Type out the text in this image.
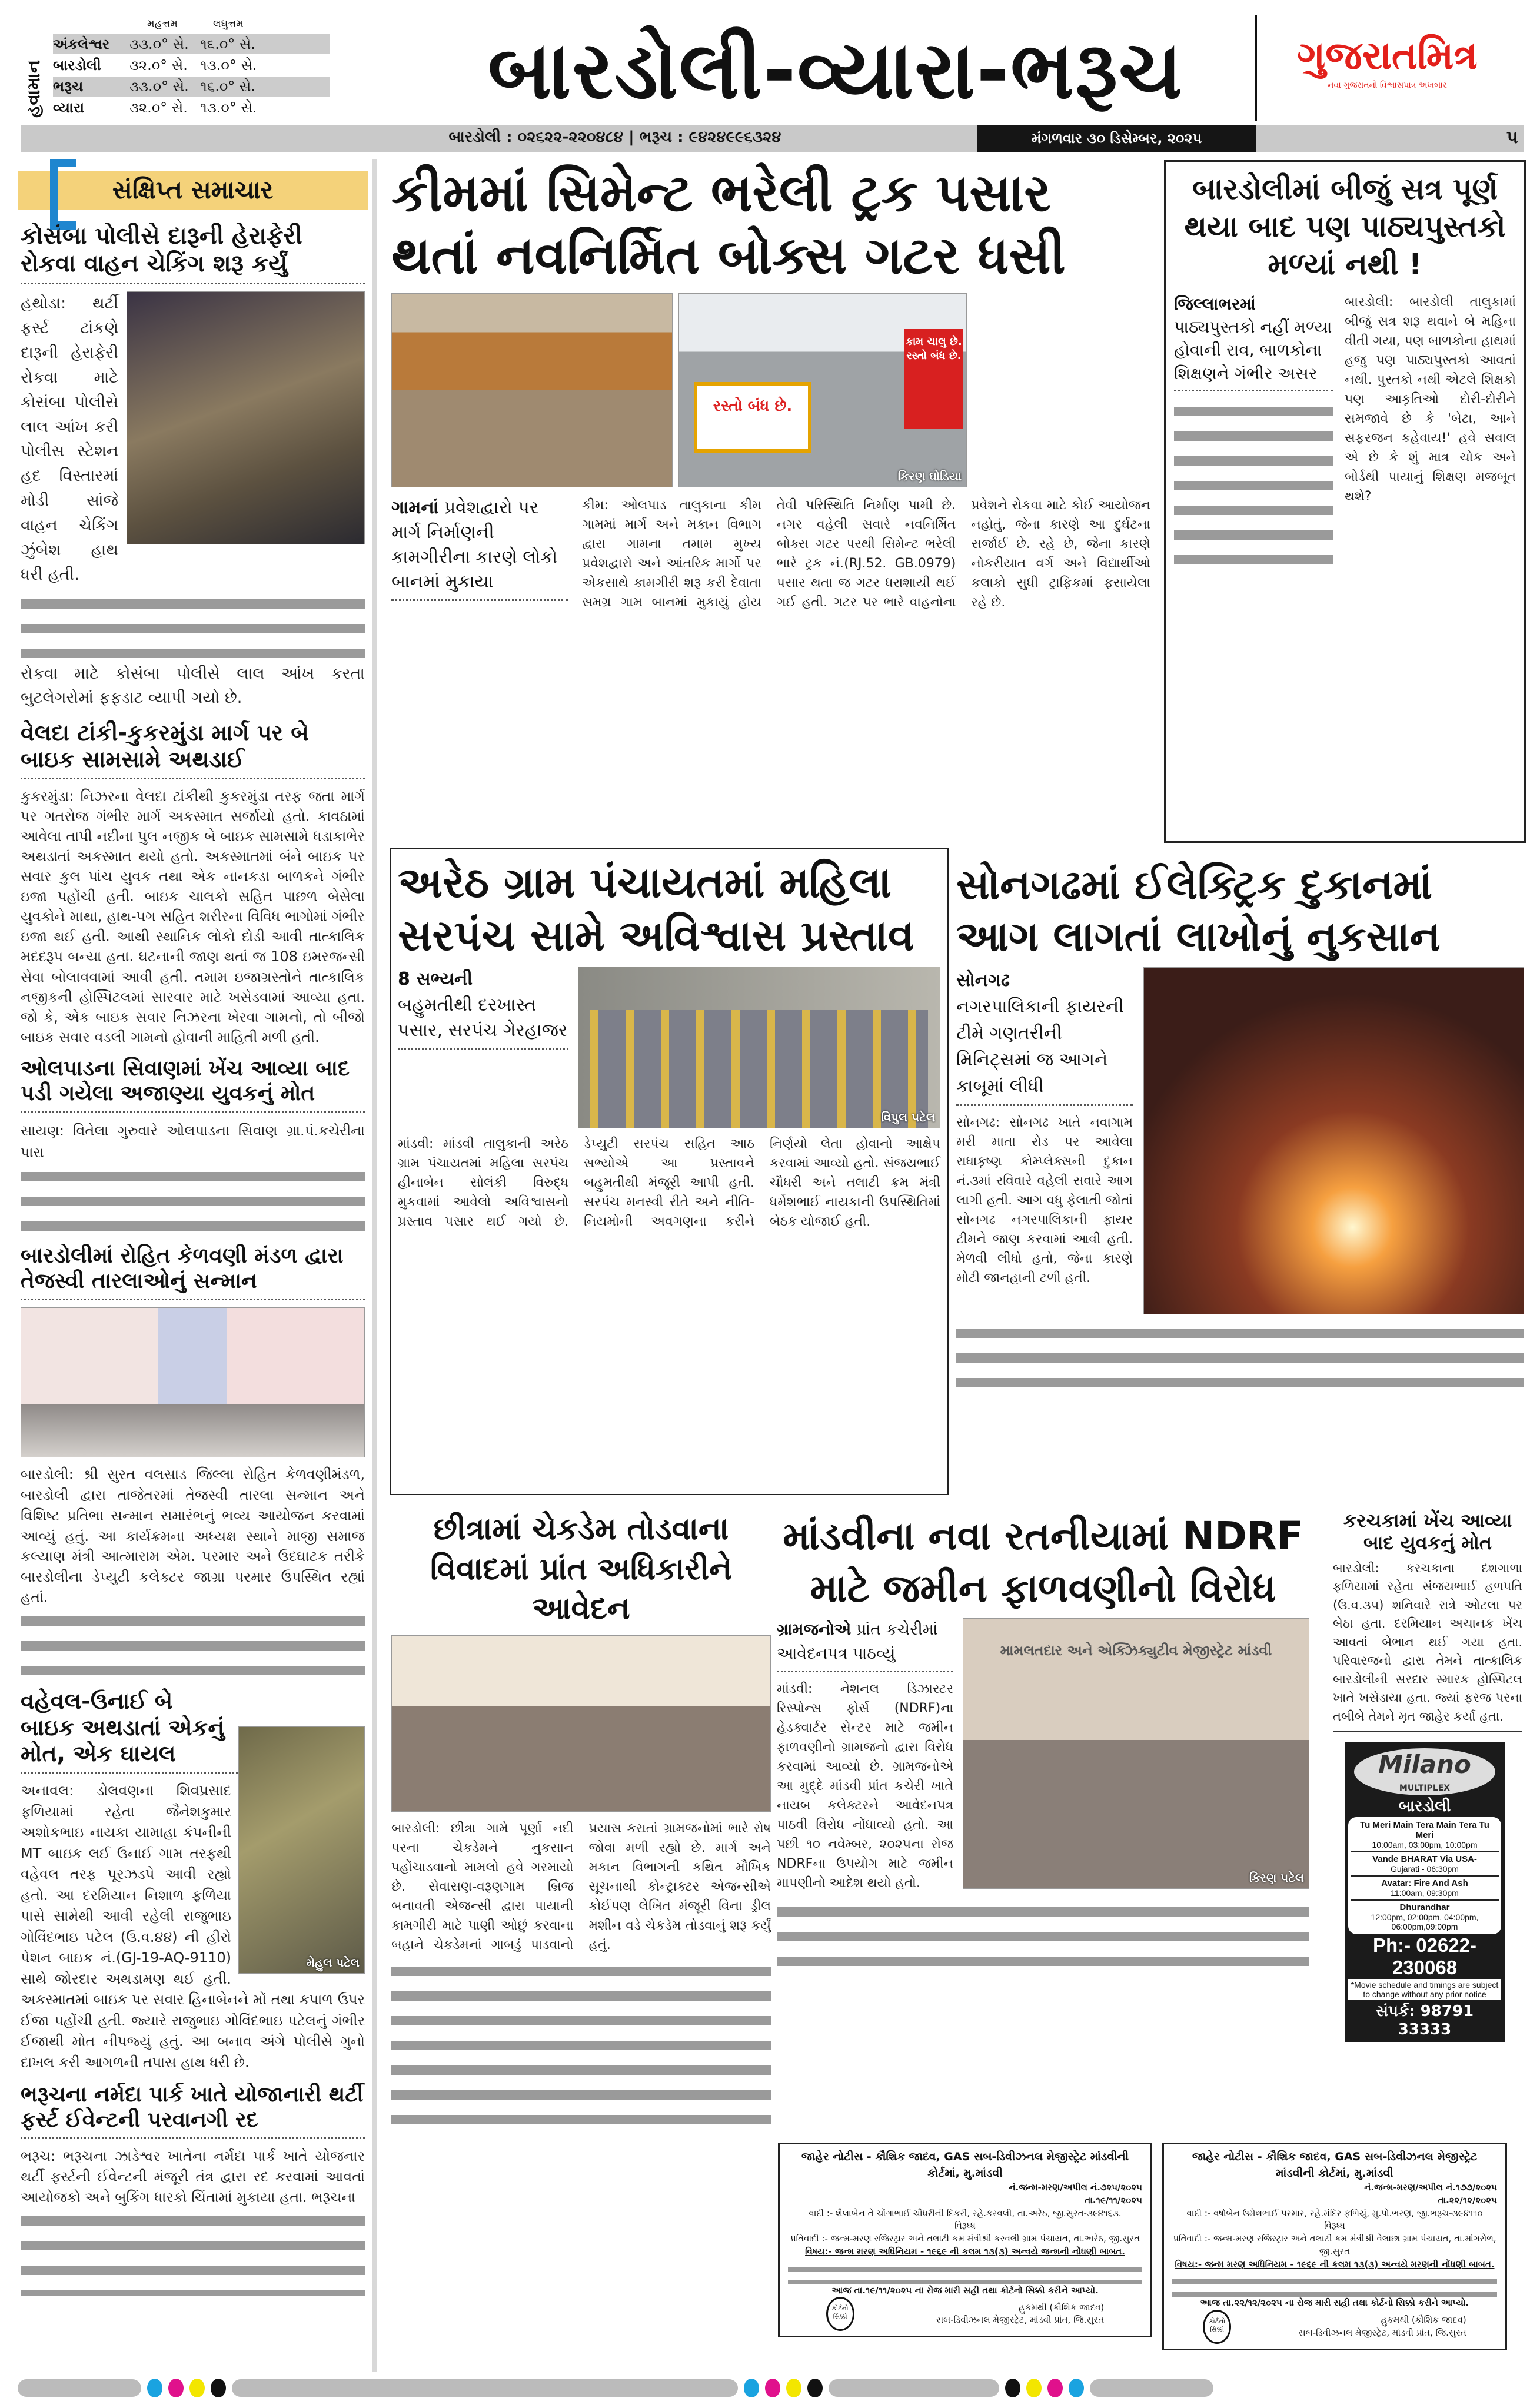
હવામાન
મહત્તમ	લઘુત્તમ
અંકલેશ્વર	૩૩.૦° સે. ૧૬.૦° સે.
બારડોલી	૩૨.૦° સે. ૧૩.૦° સે.
ભરૂચ	૩૩.૦° સે. ૧૬.૦° સે.
વ્યારા	૩૨.૦° સે. ૧૩.૦° સે.	બારડોલી-વ્યારા-ભરૂચ	ગુજરાતમિત્ર
નવા ગુજરાતનો વિશ્વાસપાત્ર અખબાર
બારડોલી : ૦૨૬૨૨-૨૨૦૪૮૪ | ભરૂચ : ૯૪૨૪૯૯૬૩૨૪	મંગળવાર ૩૦ ડિસેમ્બર, ૨૦૨૫	૫
સંક્ષિપ્ત સમાચાર
કોસંબા પોલીસે દારૂની હેરાફેરી રોકવા વાહન ચેકિંગ શરૂ કર્યું
હથોડા: થર્ટી ફર્સ્ટ ટાંકણે દારૂની હેરાફેરી રોકવા માટે કોસંબા પોલીસે લાલ આંખ કરી પોલીસ સ્ટેશન હદ વિસ્તારમાં મોડી સાંજે વાહન ચેકિંગ ઝુંબેશ હાથ ધરી હતી.
રોકવા માટે કોસંબા પોલીસે લાલ આંખ કરતા બુટલેગરોમાં ફફડાટ વ્યાપી ગયો છે.
વેલદા ટાંકી-કુકરમુંડા માર્ગ પર બે બાઇક સામસામે અથડાઈ
કુકરમુંડા: નિઝરના વેલદા ટાંકીથી કુકરમુંડા તરફ જતા માર્ગ પર ગતરોજ ગંભીર માર્ગ અકસ્માત સર્જાયો હતો. કાવઠામાં આવેલા તાપી નદીના પુલ નજીક બે બાઇક સામસામે ધડાકાભેર અથડાતાં અકસ્માત થયો હતો. અકસ્માતમાં બંને બાઇક પર સવાર કુલ પાંચ યુવક તથા એક નાનકડા બાળકને ગંભીર ઇજા પહોંચી હતી. બાઇક ચાલકો સહિત પાછળ બેસેલા યુવકોને માથા, હાથ-પગ સહિત શરીરના વિવિધ ભાગોમાં ગંભીર ઇજા થઈ હતી. આથી સ્થાનિક લોકો દોડી આવી તાત્કાલિક મદદરૂપ બન્યા હતા. ઘટનાની જાણ થતાં જ 108 ઇમરજન્સી સેવા બોલાવવામાં આવી હતી. તમામ ઇજાગ્રસ્તોને તાત્કાલિક નજીકની હોસ્પિટલમાં સારવાર માટે ખસેડવામાં આવ્યા હતા. જો કે, એક બાઇક સવાર નિઝરના ખેરવા ગામનો, તો બીજો બાઇક સવાર વડલી ગામનો હોવાની માહિતી મળી હતી.
ઓલપાડના સિવાણમાં ખેંચ આવ્યા બાદ પડી ગયેલા અજાણ્યા યુવકનું મોત
સાયણ: વિતેલા ગુરુવારે ઓલપાડના સિવાણ ગ્રા.પં.કચેરીના પારા
બારડોલીમાં રોહિત કેળવણી મંડળ દ્વારા તેજસ્વી તારલાઓનું સન્માન
બારડોલી: શ્રી સુરત વલસાડ જિલ્લા રોહિત કેળવણીમંડળ, બારડોલી દ્વારા તાજેતરમાં તેજસ્વી તારલા સન્માન અને વિશિષ્ટ પ્રતિભા સન્માન સમારંભનું ભવ્ય આયોજન કરવામાં આવ્યું હતું. આ કાર્યક્રમના અધ્યક્ષ સ્થાને માજી સમાજ કલ્યાણ મંત્રી આત્મારામ એમ. પરમાર અને ઉદઘાટક તરીકે બારડોલીના ડેપ્યુટી કલેક્ટર જાગ્રા પરમાર ઉપસ્થિત રહ્યાં હતાં.
મેહુલ પટેલ
વહેવલ-ઉનાઈ બે બાઇક અથડાતાં એકનું મોત, એક ઘાયલ
અનાવલ: ડોલવણના શિવપ્રસાદ ફળિયામાં રહેતા જૈનેશકુમાર અશોકભાઇ નાયકા યામાહા કંપનીની MT બાઇક લઈ ઉનાઈ ગામ તરફથી વહેવલ તરફ પૂરઝડપે આવી રહ્યો હતો. આ દરમિયાન નિશાળ ફળિયા પાસે સામેથી આવી રહેલી રાજુભાઇ ગોવિંદભાઇ પટેલ (ઉ.વ.૪૪) ની હીરો પેશન બાઇક નં.(GJ-19-AQ-9110) સાથે જોરદાર અથડામણ થઈ હતી. અકસ્માતમાં બાઇક પર સવાર હિનાબેનને મોં તથા કપાળ ઉપર ઈજા પહોંચી હતી. જ્યારે રાજુભાઇ ગોવિંદભાઇ પટેલનું ગંભીર ઈજાથી મોત નીપજ્યું હતું. આ બનાવ અંગે પોલીસે ગુનો દાખલ કરી આગળની તપાસ હાથ ધરી છે.
ભરૂચના નર્મદા પાર્ક ખાતે યોજાનારી થર્ટી ફર્સ્ટ ઈવેન્ટની પરવાનગી રદ
ભરૂચ: ભરૂચના ઝાડેશ્વર ખાતેના નર્મદા પાર્ક ખાતે યોજનાર થર્ટી ફર્સ્ટની ઈવેન્ટની મંજૂરી તંત્ર દ્વારા રદ કરવામાં આવતાં આયોજકો અને બુકિંગ ધારકો ચિંતામાં મુકાયા હતા. ભરૂચના
કીમમાં સિમેન્ટ ભરેલી ટ્રક પસાર થતાં નવનિર્મિત બોક્સ ગટર ધસી
રસ્તો બંધ છે.
કામ ચાલુ છે. રસ્તો બંધ છે.
કિરણ ઘોડિયા
ગામનાં પ્રવેશદ્વારો પર માર્ગ નિર્માણની કામગીરીના કારણે લોકો બાનમાં મુકાયા
કીમ: ઓલપાડ તાલુકાના કીમ ગામમાં માર્ગ અને મકાન વિભાગ દ્વારા ગામના તમામ મુખ્ય પ્રવેશદ્વારો અને આંતરિક માર્ગો પર એકસાથે કામગીરી શરૂ કરી દેવાતા સમગ્ર ગામ બાનમાં મુકાયું હોય તેવી પરિસ્થિતિ નિર્માણ પામી છે. નગર વહેલી સવારે નવનિર્મિત બોક્સ ગટર પરથી સિમેન્ટ ભરેલી ભારે ટ્રક નં.(RJ.52. GB.0979) પસાર થતા જ ગટર ધરાશાયી થઈ ગઈ હતી. ગટર પર ભારે વાહનોના પ્રવેશને રોકવા માટે કોઈ આયોજન નહોતું, જેના કારણે આ દુર્ઘટના સર્જાઈ છે. રહે છે, જેના કારણે નોકરીયાત વર્ગ અને વિદ્યાર્થીઓ કલાકો સુધી ટ્રાફિકમાં ફસાયેલા રહે છે.
બારડોલીમાં બીજું સત્ર પૂર્ણ થયા બાદ પણ પાઠ્યપુસ્તકો મળ્યાં નથી !
જિલ્લાભરમાં
પાઠ્યપુસ્તકો નહીં મળ્યા હોવાની રાવ, બાળકોના શિક્ષણને ગંભીર અસર
બારડોલી: બારડોલી તાલુકામાં બીજું સત્ર શરૂ થવાને બે મહિના વીતી ગયા, પણ બાળકોના હાથમાં હજુ પણ પાઠ્યપુસ્તકો આવતાં નથી. પુસ્તકો નથી એટલે શિક્ષકો પણ આકૃતિઓ દોરી-દોરીને સમજાવે છે કે 'બેટા, આને સફરજન કહેવાય!' હવે સવાલ એ છે કે શું માત્ર ચોક અને બોર્ડથી પાયાનું શિક્ષણ મજબૂત થશે?
અરેઠ ગ્રામ પંચાયતમાં મહિલા સરપંચ સામે અવિશ્વાસ પ્રસ્તાવ
8 સભ્યની
બહુમતીથી દરખાસ્ત પસાર, સરપંચ ગેરહાજર
વિપુલ પટેલ
માંડવી: માંડવી તાલુકાની અરેઠ ગ્રામ પંચાયતમાં મહિલા સરપંચ હીનાબેન સોલંકી વિરુદ્ધ મુકવામાં આવેલો અવિશ્વાસનો પ્રસ્તાવ પસાર થઈ ગયો છે. ડેપ્યુટી સરપંચ સહિત આઠ સભ્યોએ આ પ્રસ્તાવને બહુમતીથી મંજૂરી આપી હતી. સરપંચ મનસ્વી રીતે અને નીતિ-નિયમોની અવગણના કરીને નિર્ણયો લેતા હોવાનો આક્ષેપ કરવામાં આવ્યો હતો. સંજયભાઈ ચૌધરી અને તલાટી ક્રમ મંત્રી ધર્મેશભાઈ નાયકાની ઉપસ્થિતિમાં બેઠક યોજાઈ હતી.
સોનગઢમાં ઈલેક્ટ્રિક દુકાનમાં આગ લાગતાં લાખોનું નુકસાન
સોનગઢ
નગરપાલિકાની ફાયરની ટીમે ગણતરીની મિનિટ્સમાં જ આગને કાબૂમાં લીધી
સોનગઢ: સોનગઢ ખાતે નવાગામ મરી માતા રોડ પર આવેલા રાધાકૃષ્ણ કોમ્પ્લેક્સની દુકાન નં.૩માં રવિવારે વહેલી સવારે આગ લાગી હતી. આગ વધુ ફેલાતી જોતાં સોનગઢ નગરપાલિકાની ફાયર ટીમને જાણ કરવામાં આવી હતી. મેળવી લીધો હતો, જેના કારણે મોટી જાનહાની ટળી હતી.
છીત્રામાં ચેકડેમ તોડવાના વિવાદમાં પ્રાંત અધિકારીને આવેદન
બારડોલી: છીત્રા ગામે પૂર્ણા નદી પરના ચેકડેમને નુકસાન પહોંચાડવાનો મામલો હવે ગરમાયો છે. સેવાસણ-વરૂણગામ બ્રિજ બનાવતી એજન્સી દ્વારા પાયાની કામગીરી માટે પાણી ઓછું કરવાના બહાને ચેકડેમનાં ગાબડું પાડવાનો પ્રયાસ કરાતાં ગ્રામજનોમાં ભારે રોષ જોવા મળી રહ્યો છે. માર્ગ અને મકાન વિભાગની કથિત મૌખિક સૂચનાથી કોન્ટ્રાક્ટર એજન્સીએ કોઈપણ લેખિત મંજૂરી વિના ડ્રીલ મશીન વડે ચેકડેમ તોડવાનું શરૂ કર્યું હતું.
માંડવીના નવા રતનીયામાં NDRF માટે જમીન ફાળવણીનો વિરોધ
ગ્રામજનોએ પ્રાંત કચેરીમાં આવેદનપત્ર પાઠવ્યું
માંડવી: નેશનલ ડિઝાસ્ટર રિસ્પોન્સ ફોર્સ (NDRF)ના હેડક્વાર્ટર સેન્ટર માટે જમીન ફાળવણીનો ગ્રામજનો દ્વારા વિરોધ કરવામાં આવ્યો છે. ગ્રામજનોએ આ મુદ્દે માંડવી પ્રાંત કચેરી ખાતે નાયબ કલેક્ટરને આવેદનપત્ર પાઠવી વિરોધ નોંધાવ્યો હતો. આ પછી ૧૦ નવેમ્બર, ૨૦૨૫ના રોજ NDRFના ઉપયોગ માટે જમીન માપણીનો આદેશ થયો હતો.
મામલતદાર અને એક્ઝિક્યુટીવ મેજીસ્ટ્રેટ માંડવી
કિરણ પટેલ
કરચકામાં ખેંચ આવ્યા બાદ યુવકનું મોત
બારડોલી: કરચકાના દશગાળા ફળિયામાં રહેતા સંજયભાઈ હળપતિ (ઉ.વ.૩૫) શનિવારે રાત્રે ઓટલા પર બેઠા હતા. દરમિયાન અચાનક ખેંચ આવતાં બેભાન થઈ ગયા હતા. પરિવારજનો દ્વારા તેમને તાત્કાલિક બારડોલીની સરદાર સ્મારક હોસ્પિટલ ખાતે ખસેડાયા હતા. જ્યાં ફરજ પરના તબીબે તેમને મૃત જાહેર કર્યા હતા.
Milano
MULTIPLEX
બારડોલી
Tu Meri Main Tera Main Tera Tu Meri
10:00am, 03:00pm, 10:00pm
Vande BHARAT Via USA-
Gujarati - 06:30pm
Avatar: Fire And Ash
11:00am, 09:30pm
Dhurandhar
12:00pm, 02:00pm, 04:00pm, 06:00pm,09:00pm
Ph:- 02622-230068
*Movie schedule and timings are subject to change without any prior notice
સંપર્ક: 98791 33333
જાહેર નોટીસ - કૌશિક જાદવ, GAS સબ-ડિવીઝનલ મેજીસ્ટ્રેટ માંડવીની કોર્ટમાં, મુ.માંડવી
નં.જન્મ-મરણ/અપીલ નં.૭૨૫/૨૦૨૫
તા.૧૯/૧૧/૨૦૨૫
વાદી :- શૈલાબેન તે ચોંગાભાઈ ચૌધરીની દિકરી, રહે.કરવલી, તા.અરેઠ, જી.સુરત-૩૯૪૧૬૩.
વિરૂધ્ધ
પ્રતિવાદી :- જન્મ-મરણ રજિસ્ટ્રાર અને તલાટી કમ મંત્રીશ્રી કરવલી ગ્રામ પંચાયત, તા.અરેઠ, જી.સુરત
વિષય:- જન્મ મરણ અધિનિયમ - ૧૯૬૯ ની કલમ ૧૩(૩) અન્વયે જન્મની નોંધણી બાબત.
આજ તા.૧૯/૧૧/૨૦૨૫ ના રોજ મારી સહી તથા કોર્ટનો સિક્કો કરીને આપ્યો.
કોર્ટનો સિક્કો
હુકમથી (કૌશિક જાદવ)
સબ-ડિવીઝનલ મેજીસ્ટ્રેટ, માંડવી પ્રાંત, જિ.સુરત
જાહેર નોટીસ - કૌશિક જાદવ, GAS સબ-ડિવીઝનલ મેજીસ્ટ્રેટ માંડવીની કોર્ટમાં, મુ.માંડવી
નં.જન્મ-મરણ/અપીલ નં.૧૭૭/૨૦૨૫
તા.૨૨/૧૨/૨૦૨૫
વાદી :- વર્ષાબેન ઉમેશભાઈ પરમાર, રહે.મંદિર ફળિયું, મુ.પો.ભરણ, જી.ભરૂચ-૩૯૪૧૧૦
વિરૂધ્ધ
પ્રતિવાદી :- જન્મ-મરણ રજિસ્ટ્રાર અને તલાટી કમ મંત્રીશ્રી વેલાછા ગ્રામ પંચાયત, તા.માંગરોળ, જી.સુરત
વિષય:- જન્મ મરણ અધિનિયમ - ૧૯૬૯ ની કલમ ૧૩(૩) અન્વયે મરણની નોંધણી બાબત.
આજ તા.૨૨/૧૨/૨૦૨૫ ના રોજ મારી સહી તથા કોર્ટનો સિક્કો કરીને આપ્યો.
કોર્ટનો સિક્કો
હુકમથી (કૌશિક જાદવ)
સબ-ડિવીઝનલ મેજીસ્ટ્રેટ, માંડવી પ્રાંત, જિ.સુરત
